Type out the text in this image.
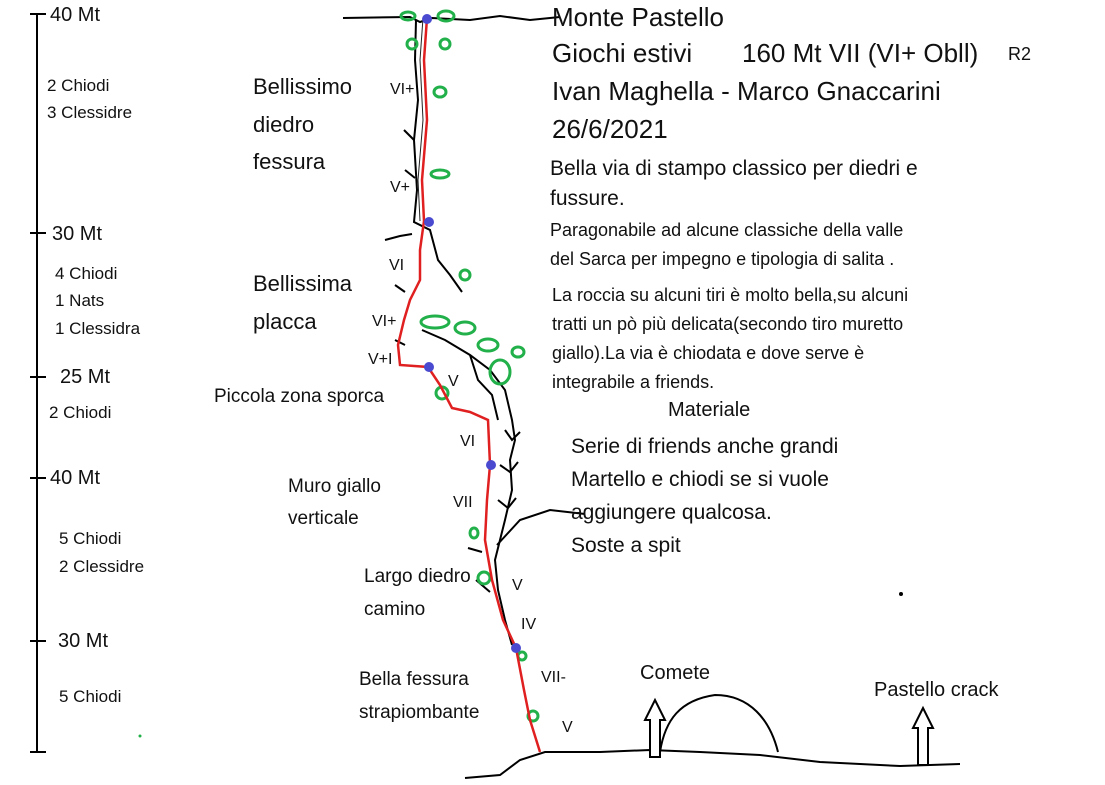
Monte Pastello
Giochi estivi 160 Mt VII (VI+ Obll) R2
Ivan Maghella - Marco Gnaccarini
26/6/2021
Bella via di stampo classico per diedri e
fussure.
Paragonabile ad alcune classiche della valle
del Sarca per impegno e tipologia di salita .
La roccia su alcuni tiri è molto bella,su alcuni
tratti un pò più delicata(secondo tiro muretto
giallo).La via è chiodata e dove serve è
integrabile a friends.
Materiale
Serie di friends anche grandi
Martello e chiodi se si vuole
aggiungere qualcosa.
Soste a spit
40 Mt
30 Mt
25 Mt
40 Mt
30 Mt
2 Chiodi
3 Clessidre
4 Chiodi
1 Nats
1 Clessidra
2 Chiodi
5 Chiodi
2 Clessidre
5 Chiodi
Bellissimo
diedro
fessura
Bellissima
placca
Piccola zona sporca
Muro giallo
verticale
Largo diedro
camino
Bella fessura
strapiombante
VI+
V+
VI
VI+
V+I
V
VI
VII
V
IV
VII-
V
Comete
Pastello crack
